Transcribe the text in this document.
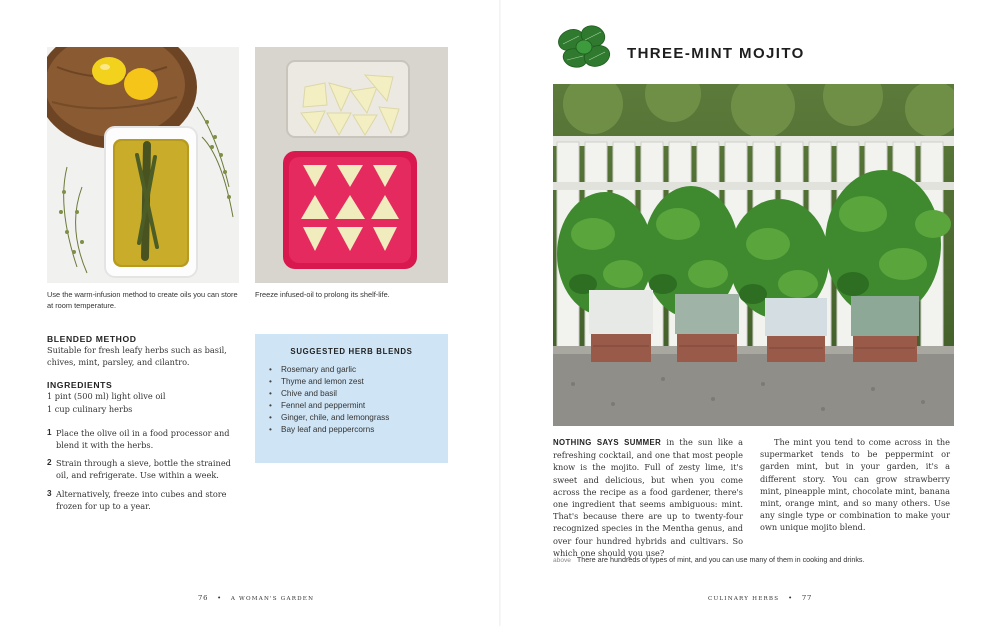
Use the warm-infusion method to create oils you can store at room temperature.
Freeze infused-oil to prolong its shelf-life.
BLENDED METHOD
Suitable for fresh leafy herbs such as basil, chives, mint, parsley, and cilantro.
INGREDIENTS
1 pint (500 ml) light olive oil
1 cup culinary herbs
1 Place the olive oil in a food processor and blend it with the herbs.
2 Strain through a sieve, bottle the strained oil, and refrigerate. Use within a week.
3 Alternatively, freeze into cubes and store frozen for up to a year.
SUGGESTED HERB BLENDS
• Rosemary and garlic
• Thyme and lemon zest
• Chive and basil
• Fennel and peppermint
• Ginger, chile, and lemongrass
• Bay leaf and peppercorns
76 • A WOMAN'S GARDEN
THREE-MINT MOJITO

NOTHING SAYS SUMMER in the sun like a refreshing cocktail, and one that most people know is the mojito. Full of zesty lime, it's sweet and delicious, but when you come across the recipe as a food gardener, there's one ingredient that seems ambiguous: mint. That's because there are up to twenty-four recognized species in the Mentha genus, and over four hundred hybrids and cultivars. So which one should you use?

The mint you tend to come across in the supermarket tends to be peppermint or garden mint, but in your garden, it's a different story. You can grow strawberry mint, pineapple mint, chocolate mint, banana mint, orange mint, and so many others. Use any single type or combination to make your own unique mojito blend.

above There are hundreds of types of mint, and you can use many of them in cooking and drinks.
CULINARY HERBS • 77
